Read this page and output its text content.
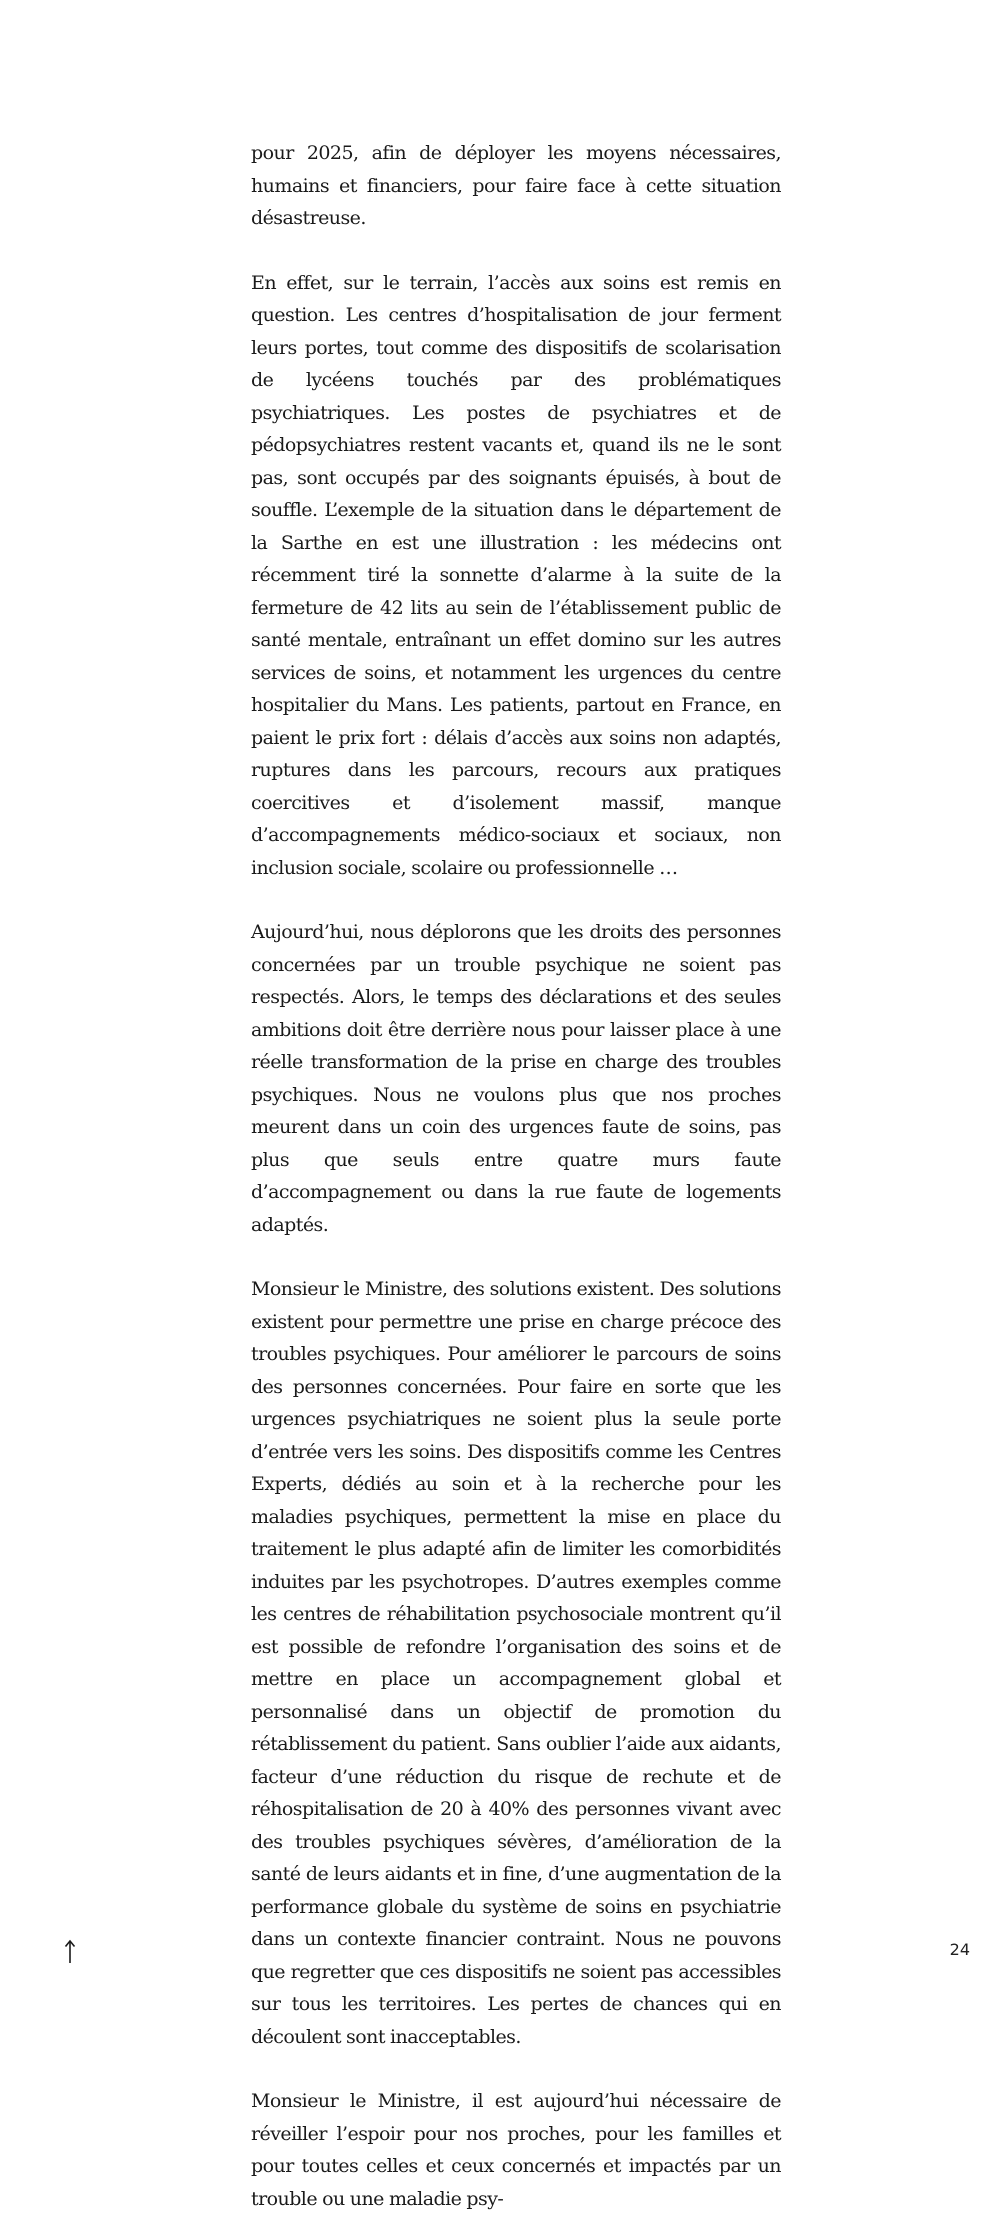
pour 2025, afin de déployer les moyens nécessaires, humains et financiers, pour faire face à cette situation désastreuse.

En effet, sur le terrain, l’accès aux soins est remis en question. Les centres d’hospitalisation de jour ferment leurs portes, tout comme des dispositifs de scolarisation de lycéens touchés par des problématiques psychiatriques. Les postes de psychiatres et de pédopsychiatres restent vacants et, quand ils ne le sont pas, sont occupés par des soignants épuisés, à bout de souffle. L’exemple de la situation dans le département de la Sarthe en est une illustration : les médecins ont récemment tiré la sonnette d’alarme à la suite de la fermeture de 42 lits au sein de l’établissement public de santé mentale, entraînant un effet domino sur les autres services de soins, et notamment les urgences du centre hospitalier du Mans. Les patients, partout en France, en paient le prix fort : délais d’accès aux soins non adaptés, ruptures dans les parcours, recours aux pratiques coercitives et d’isolement massif, manque d’accompagnements médico-sociaux et sociaux, non inclusion sociale, scolaire ou professionnelle …

Aujourd’hui, nous déplorons que les droits des personnes concernées par un trouble psychique ne soient pas respectés. Alors, le temps des déclarations et des seules ambitions doit être derrière nous pour laisser place à une réelle transformation de la prise en charge des troubles psychiques. Nous ne voulons plus que nos proches meurent dans un coin des urgences faute de soins, pas plus que seuls entre quatre murs faute d’accompagnement ou dans la rue faute de logements adaptés.

Monsieur le Ministre, des solutions existent. Des solutions existent pour permettre une prise en charge précoce des troubles psychiques. Pour améliorer le parcours de soins des personnes concernées. Pour faire en sorte que les urgences psychiatriques ne soient plus la seule porte d’entrée vers les soins. Des dispositifs comme les Centres Experts, dédiés au soin et à la recherche pour les maladies psychiques, permettent la mise en place du traitement le plus adapté afin de limiter les comorbidités induites par les psychotropes. D’autres exemples comme les centres de réhabilitation psychosociale montrent qu’il est possible de refondre l’organisation des soins et de mettre en place un accompagnement global et personnalisé dans un objectif de promotion du rétablissement du patient. Sans oublier l’aide aux aidants, facteur d’une réduction du risque de rechute et de réhospitalisation de 20 à 40% des personnes vivant avec des troubles psychiques sévères, d’amélioration de la santé de leurs aidants et in fine, d’une augmentation de la performance globale du système de soins en psychiatrie dans un contexte financier contraint. Nous ne pouvons que regretter que ces dispositifs ne soient pas accessibles sur tous les territoires. Les pertes de chances qui en découlent sont inacceptables.

Monsieur le Ministre, il est aujourd’hui nécessaire de réveiller l’espoir pour nos proches, pour les familles et pour toutes celles et ceux concernés et impactés par un trouble ou une maladie psy-

24
